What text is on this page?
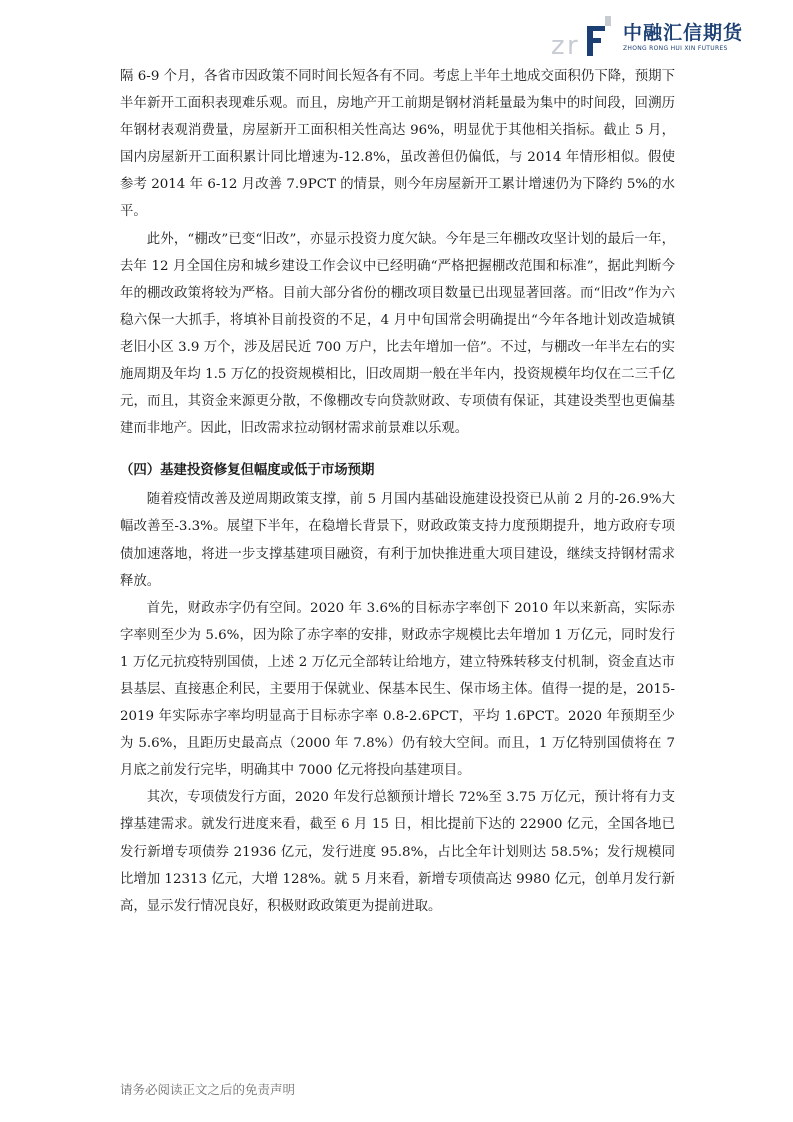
z r 中融汇信期货
ZHONG RONG HUI XIN FUTURES

隔 6-9 个月，各省市因政策不同时间长短各有不同。考虑上半年土地成交面积仍下降，预期下半年新开工面积表现难乐观。而且，房地产开工前期是钢材消耗量最为集中的时间段，回溯历年钢材表观消费量，房屋新开工面积相关性高达 96%，明显优于其他相关指标。截止 5 月，国内房屋新开工面积累计同比增速为-12.8%，虽改善但仍偏低，与 2014 年情形相似。假使参考 2014 年 6-12 月改善 7.9PCT 的情景，则今年房屋新开工累计增速仍为下降约 5%的水平。

此外，“棚改”已变“旧改”，亦显示投资力度欠缺。今年是三年棚改攻坚计划的最后一年，去年 12 月全国住房和城乡建设工作会议中已经明确“严格把握棚改范围和标准”，据此判断今年的棚改政策将较为严格。目前大部分省份的棚改项目数量已出现显著回落。而“旧改”作为六稳六保一大抓手，将填补目前投资的不足，4 月中旬国常会明确提出“今年各地计划改造城镇老旧小区 3.9 万个，涉及居民近 700 万户，比去年增加一倍”。不过，与棚改一年半左右的实施周期及年均 1.5 万亿的投资规模相比，旧改周期一般在半年内，投资规模年均仅在二三千亿元，而且，其资金来源更分散，不像棚改专向贷款财政、专项债有保证，其建设类型也更偏基建而非地产。因此，旧改需求拉动钢材需求前景难以乐观。

（四）基建投资修复但幅度或低于市场预期

随着疫情改善及逆周期政策支撑，前 5 月国内基础设施建设投资已从前 2 月的-26.9%大幅改善至-3.3%。展望下半年，在稳增长背景下，财政政策支持力度预期提升，地方政府专项债加速落地，将进一步支撑基建项目融资，有利于加快推进重大项目建设，继续支持钢材需求释放。

首先，财政赤字仍有空间。2020 年 3.6%的目标赤字率创下 2010 年以来新高，实际赤字率则至少为 5.6%，因为除了赤字率的安排，财政赤字规模比去年增加 1 万亿元，同时发行 1 万亿元抗疫特别国债，上述 2 万亿元全部转让给地方，建立特殊转移支付机制，资金直达市县基层、直接惠企利民，主要用于保就业、保基本民生、保市场主体。值得一提的是，2015-2019 年实际赤字率均明显高于目标赤字率 0.8-2.6PCT，平均 1.6PCT。2020 年预期至少为 5.6%，且距历史最高点（2000 年 7.8%）仍有较大空间。而且，1 万亿特别国债将在 7 月底之前发行完毕，明确其中 7000 亿元将投向基建项目。

其次，专项债发行方面，2020 年发行总额预计增长 72%至 3.75 万亿元，预计将有力支撑基建需求。就发行进度来看，截至 6 月 15 日，相比提前下达的 22900 亿元，全国各地已发行新增专项债券 21936 亿元，发行进度 95.8%，占比全年计划则达 58.5%；发行规模同比增加 12313 亿元，大增 128%。就 5 月来看，新增专项债高达 9980 亿元，创单月发行新高，显示发行情况良好，积极财政政策更为提前进取。

请务必阅读正文之后的免责声明
